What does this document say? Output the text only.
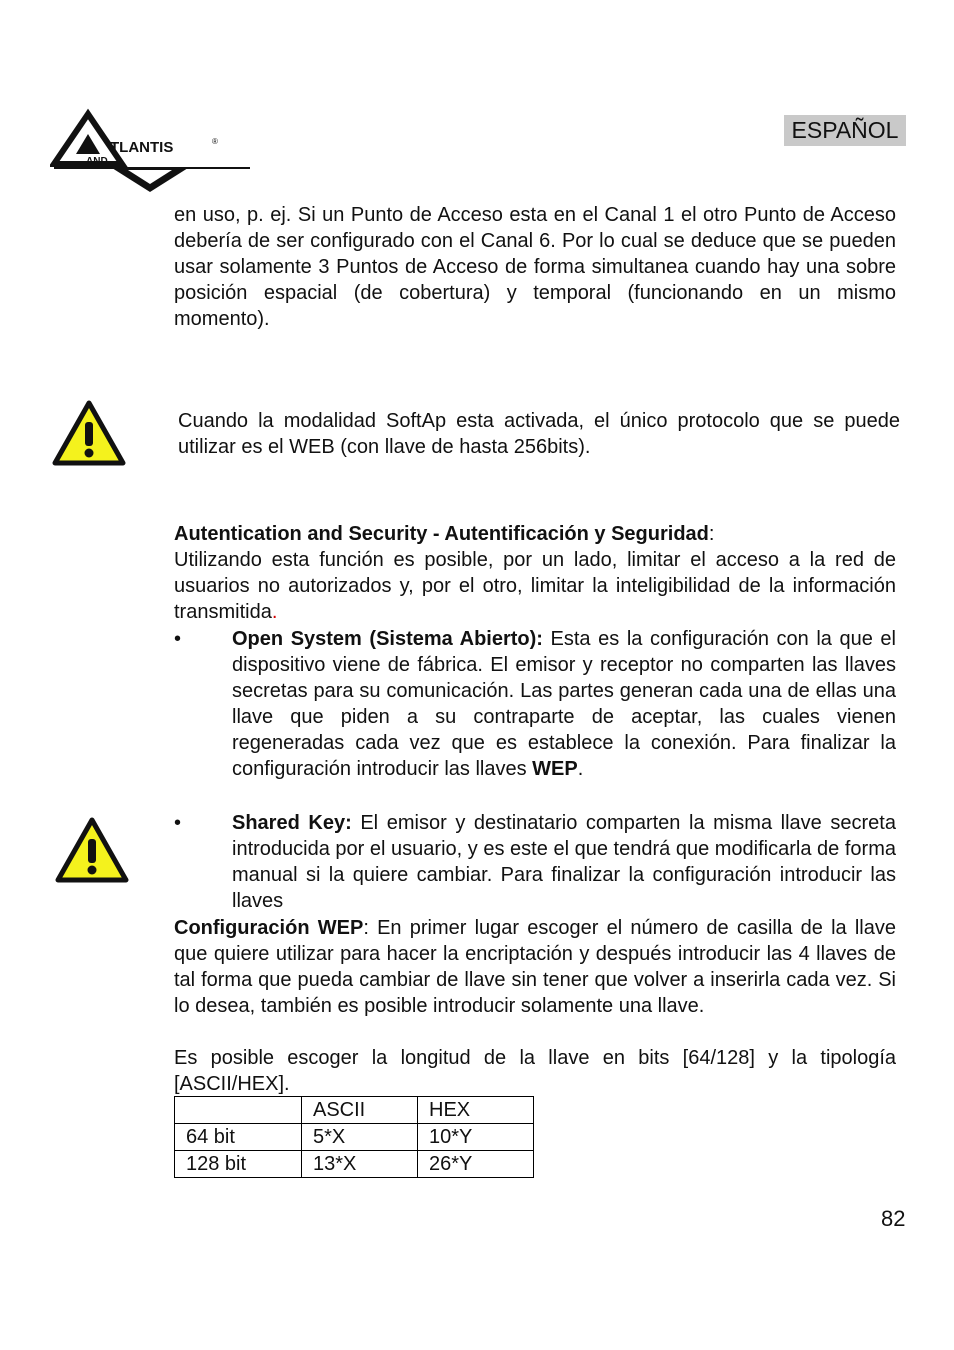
TLANTIS	®
AND
ESPAÑOL

en uso, p. ej. Si un Punto de Acceso esta en el Canal 1 el otro Punto de Acceso debería de ser configurado con el Canal 6. Por lo cual se deduce que se pueden usar solamente 3 Puntos de Acceso de forma simultanea cuando hay una sobre posición espacial (de cobertura) y temporal (funcionando en un mismo momento).

Cuando la modalidad SoftAp esta activada, el único protocolo que se puede utilizar es el WEB (con llave de hasta 256bits).

Autentication and Security - Autentificación y Seguridad:
Utilizando esta función es posible, por un lado, limitar el acceso a la red de usuarios no autorizados y, por el otro, limitar la inteligibilidad de la información transmitida.
•	Open System (Sistema Abierto): Esta es la configuración con la que el dispositivo viene de fábrica. El emisor y receptor no comparten las llaves secretas para su comunicación. Las partes generan cada una de ellas una llave que piden a su contraparte de aceptar, las cuales vienen regeneradas cada vez que es establece la conexión. Para finalizar la configuración introducir las llaves WEP.
•	Shared Key: El emisor y destinatario comparten la misma llave secreta introducida por el usuario, y es este el que tendrá que modificarla de forma manual si la quiere cambiar. Para finalizar la configuración introducir las llaves

Configuración WEP: En primer lugar escoger el número de casilla de la llave que quiere utilizar para hacer la encriptación y después introducir las 4 llaves de tal forma que pueda cambiar de llave sin tener que volver a inserirla cada vez. Si lo desea, también es posible introducir solamente una llave.

Es posible escoger la longitud de la llave en bits [64/128] y la tipología [ASCII/HEX].

	ASCII	HEX
64 bit	5*X	10*Y
128 bit	13*X	26*Y
82
